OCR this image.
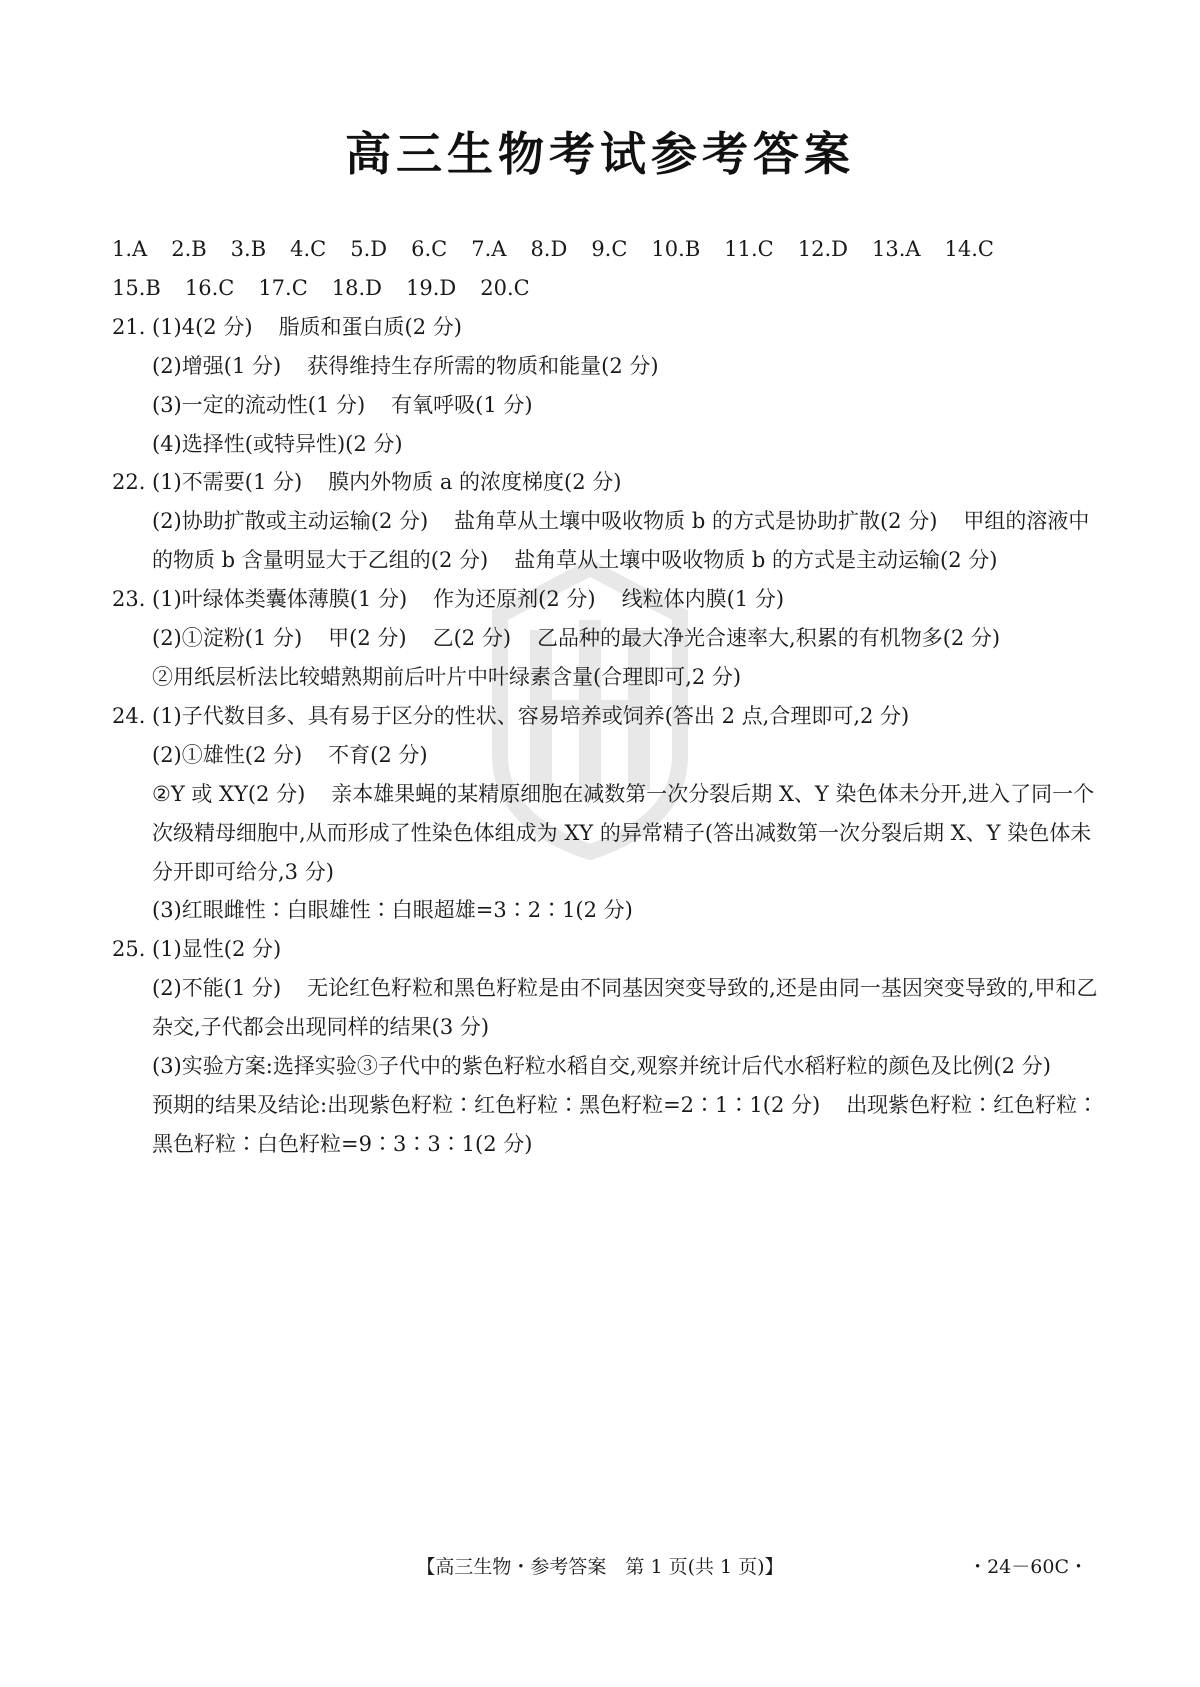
高三生物考试参考答案
1.A 2.B 3.B 4.C 5.D 6.C 7.A 8.D 9.C 10.B 11.C 12.D 13.A 14.C
15.B 16.C 17.C 18.D 19.D 20.C
21. (1)4(2 分) 脂质和蛋白质(2 分)
(2)增强(1 分) 获得维持生存所需的物质和能量(2 分)
(3)一定的流动性(1 分) 有氧呼吸(1 分)
(4)选择性(或特异性)(2 分)
22. (1)不需要(1 分) 膜内外物质 a 的浓度梯度(2 分)
(2)协助扩散或主动运输(2 分) 盐角草从土壤中吸收物质 b 的方式是协助扩散(2 分) 甲组的溶液中的物质 b 含量明显大于乙组的(2 分) 盐角草从土壤中吸收物质 b 的方式是主动运输(2 分)
23. (1)叶绿体类囊体薄膜(1 分) 作为还原剂(2 分) 线粒体内膜(1 分)
(2)①淀粉(1 分) 甲(2 分) 乙(2 分) 乙品种的最大净光合速率大,积累的有机物多(2 分)
②用纸层析法比较蜡熟期前后叶片中叶绿素含量(合理即可,2 分)
24. (1)子代数目多、具有易于区分的性状、容易培养或饲养(答出 2 点,合理即可,2 分)
(2)①雄性(2 分) 不育(2 分)
②Y 或 XY(2 分) 亲本雄果蝇的某精原细胞在减数第一次分裂后期 X、Y 染色体未分开,进入了同一个次级精母细胞中,从而形成了性染色体组成为 XY 的异常精子(答出减数第一次分裂后期 X、Y 染色体未分开即可给分,3 分)
(3)红眼雌性∶白眼雄性∶白眼超雄=3∶2∶1(2 分)
25. (1)显性(2 分)
(2)不能(1 分) 无论红色籽粒和黑色籽粒是由不同基因突变导致的,还是由同一基因突变导致的,甲和乙杂交,子代都会出现同样的结果(3 分)
(3)实验方案:选择实验③子代中的紫色籽粒水稻自交,观察并统计后代水稻籽粒的颜色及比例(2 分)
预期的结果及结论:出现紫色籽粒∶红色籽粒∶黑色籽粒=2∶1∶1(2 分) 出现紫色籽粒∶红色籽粒∶黑色籽粒∶白色籽粒=9∶3∶3∶1(2 分)
【高三生物・参考答案　第 1 页(共 1 页)】	・24－60C・
